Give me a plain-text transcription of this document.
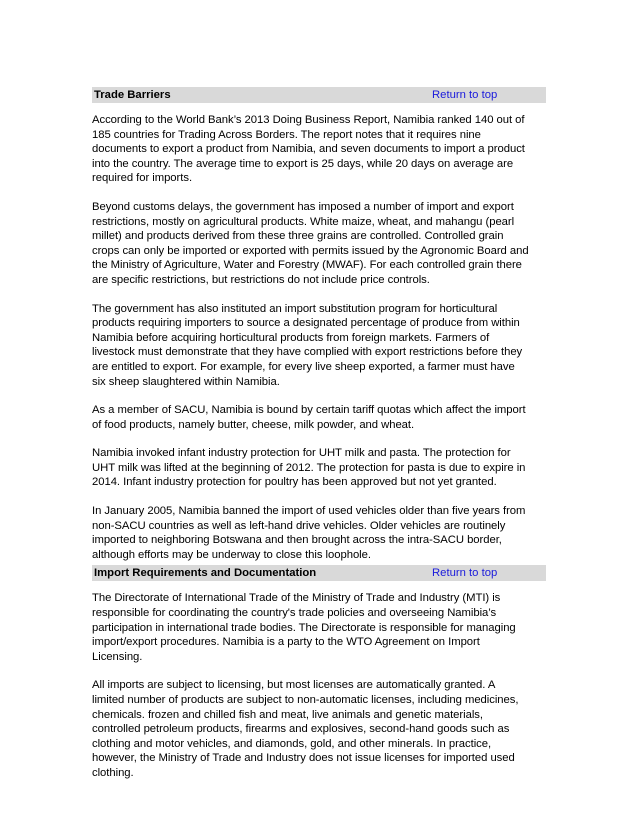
Trade Barriers	Return to top

According to the World Bank’s 2013 Doing Business Report, Namibia ranked 140 out of
185 countries for Trading Across Borders. The report notes that it requires nine
documents to export a product from Namibia, and seven documents to import a product
into the country. The average time to export is 25 days, while 20 days on average are
required for imports.

Beyond customs delays, the government has imposed a number of import and export
restrictions, mostly on agricultural products. White maize, wheat, and mahangu (pearl
millet) and products derived from these three grains are controlled. Controlled grain
crops can only be imported or exported with permits issued by the Agronomic Board and
the Ministry of Agriculture, Water and Forestry (MWAF). For each controlled grain there
are specific restrictions, but restrictions do not include price controls.

The government has also instituted an import substitution program for horticultural
products requiring importers to source a designated percentage of produce from within
Namibia before acquiring horticultural products from foreign markets. Farmers of
livestock must demonstrate that they have complied with export restrictions before they
are entitled to export. For example, for every live sheep exported, a farmer must have
six sheep slaughtered within Namibia.

As a member of SACU, Namibia is bound by certain tariff quotas which affect the import
of food products, namely butter, cheese, milk powder, and wheat.

Namibia invoked infant industry protection for UHT milk and pasta. The protection for
UHT milk was lifted at the beginning of 2012. The protection for pasta is due to expire in
2014. Infant industry protection for poultry has been approved but not yet granted.

In January 2005, Namibia banned the import of used vehicles older than five years from
non-SACU countries as well as left-hand drive vehicles. Older vehicles are routinely
imported to neighboring Botswana and then brought across the intra-SACU border,
although efforts may be underway to close this loophole.

Import Requirements and Documentation	Return to top

The Directorate of International Trade of the Ministry of Trade and Industry (MTI) is
responsible for coordinating the country's trade policies and overseeing Namibia’s
participation in international trade bodies. The Directorate is responsible for managing
import/export procedures. Namibia is a party to the WTO Agreement on Import
Licensing.

All imports are subject to licensing, but most licenses are automatically granted. A
limited number of products are subject to non-automatic licenses, including medicines,
chemicals. frozen and chilled fish and meat, live animals and genetic materials,
controlled petroleum products, firearms and explosives, second-hand goods such as
clothing and motor vehicles, and diamonds, gold, and other minerals. In practice,
however, the Ministry of Trade and Industry does not issue licenses for imported used
clothing.
